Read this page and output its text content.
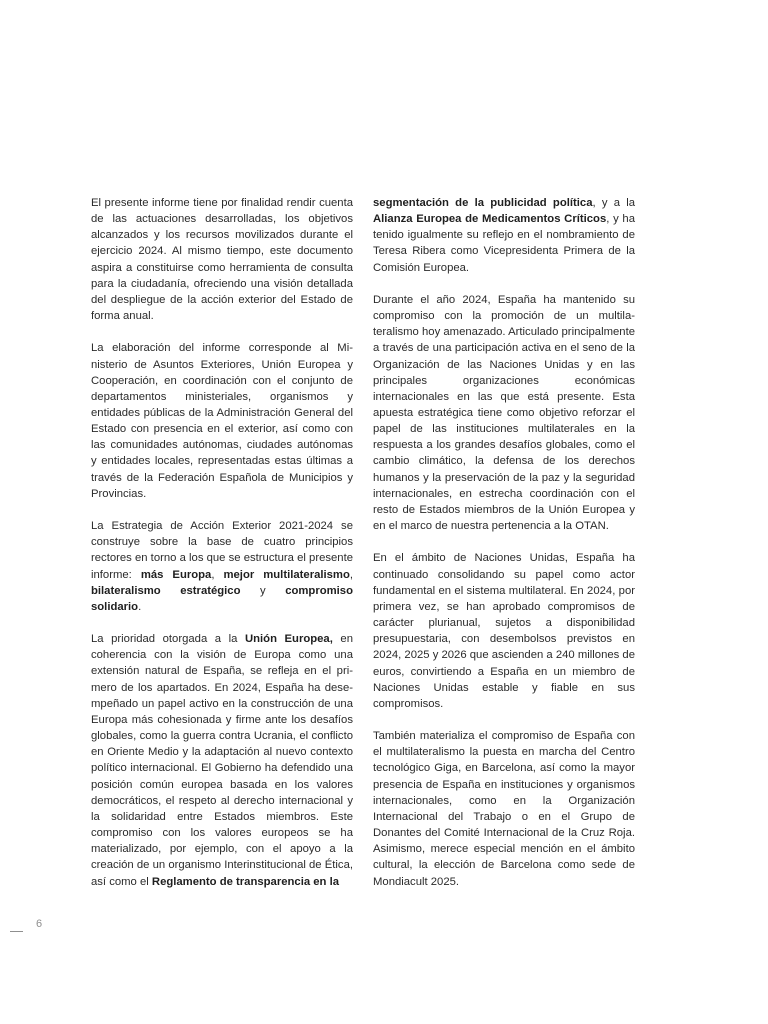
El presente informe tiene por finalidad rendir cuenta de las actuaciones desarrolladas, los objetivos alcanzados y los recursos movilizados durante el ejercicio 2024. Al mismo tiempo, este documento aspira a constituirse como herramienta de consulta para la ciudadanía, ofreciendo una visión detallada del despliegue de la acción exterior del Estado de forma anual.

La elaboración del informe corresponde al Ministerio de Asuntos Exteriores, Unión Europea y Cooperación, en coordinación con el conjunto de departamentos ministeriales, organismos y entidades públicas de la Administración General del Estado con presencia en el exterior, así como con las comunidades autónomas, ciudades autónomas y entidades locales, representadas estas últimas a través de la Federación Española de Municipios y Provincias.

La Estrategia de Acción Exterior 2021-2024 se construye sobre la base de cuatro principios rectores en torno a los que se estructura el presente informe: más Europa, mejor multilateralismo, bilateralismo estratégico y compromiso solidario.

La prioridad otorgada a la Unión Europea, en coherencia con la visión de Europa como una extensión natural de España, se refleja en el primero de los apartados. En 2024, España ha desempeñado un papel activo en la construcción de una Europa más cohesionada y firme ante los desafíos globales, como la guerra contra Ucrania, el conflicto en Oriente Medio y la adaptación al nuevo contexto político internacional. El Gobierno ha defendido una posición común europea basada en los valores democráticos, el respeto al derecho internacional y la solidaridad entre Estados miembros. Este compromiso con los valores europeos se ha materializado, por ejemplo, con el apoyo a la creación de un organismo Interinstitucional de Ética, así como el Reglamento de transparencia en la

segmentación de la publicidad política, y a la Alianza Europea de Medicamentos Críticos, y ha tenido igualmente su reflejo en el nombramiento de Teresa Ribera como Vicepresidenta Primera de la Comisión Europea.

Durante el año 2024, España ha mantenido su compromiso con la promoción de un multilateralismo hoy amenazado. Articulado principalmente a través de una participación activa en el seno de la Organización de las Naciones Unidas y en las principales organizaciones económicas internacionales en las que está presente. Esta apuesta estratégica tiene como objetivo reforzar el papel de las instituciones multilaterales en la respuesta a los grandes desafíos globales, como el cambio climático, la defensa de los derechos humanos y la preservación de la paz y la seguridad internacionales, en estrecha coordinación con el resto de Estados miembros de la Unión Europea y en el marco de nuestra pertenencia a la OTAN.

En el ámbito de Naciones Unidas, España ha continuado consolidando su papel como actor fundamental en el sistema multilateral. En 2024, por primera vez, se han aprobado compromisos de carácter plurianual, sujetos a disponibilidad presupuestaria, con desembolsos previstos en 2024, 2025 y 2026 que ascienden a 240 millones de euros, convirtiendo a España en un miembro de Naciones Unidas estable y fiable en sus compromisos.

También materializa el compromiso de España con el multilateralismo la puesta en marcha del Centro tecnológico Giga, en Barcelona, así como la mayor presencia de España en instituciones y organismos internacionales, como en la Organización Internacional del Trabajo o en el Grupo de Donantes del Comité Internacional de la Cruz Roja. Asimismo, merece especial mención en el ámbito cultural, la elección de Barcelona como sede de Mondiacult 2025.

6
